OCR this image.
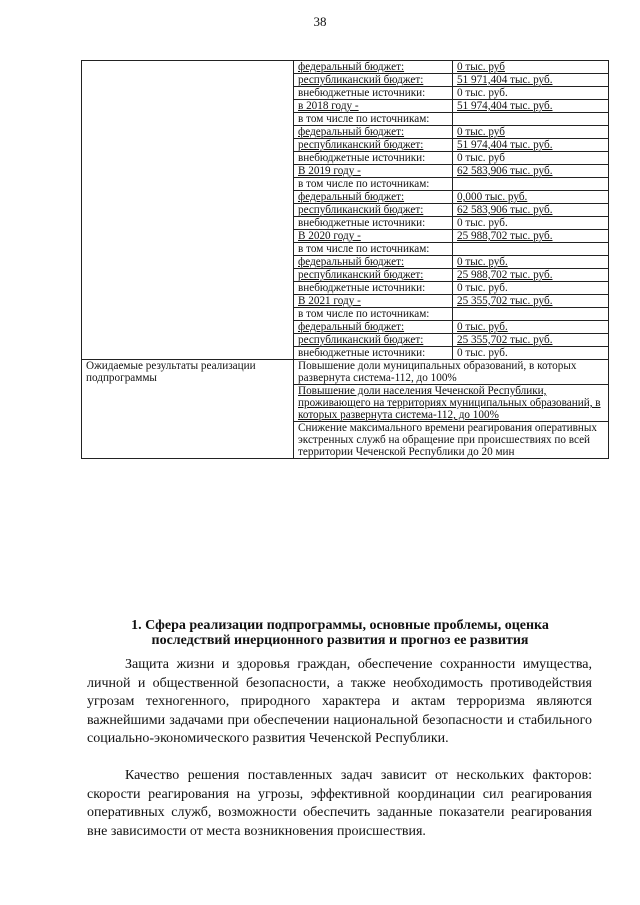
38
	федеральный бюджет:	0 тыс. руб
	республиканский бюджет:	51 971,404 тыс. руб.
	внебюджетные источники:	0 тыс. руб.
	в 2018 году -	51 974,404 тыс. руб.
	в том числе по источникам:	
	федеральный бюджет:	0 тыс. руб
	республиканский бюджет:	51 974,404 тыс. руб.
	внебюджетные источники:	0 тыс. руб
	В 2019 году -	62 583,906 тыс. руб.
	в том числе по источникам:	
	федеральный бюджет:	0,000 тыс. руб.
	республиканский бюджет:	62 583,906 тыс. руб.
	внебюджетные источники:	0 тыс. руб.
	В 2020 году -	25 988,702 тыс. руб.
	в том числе по источникам:	
	федеральный бюджет:	0 тыс. руб.
	республиканский бюджет:	25 988,702 тыс. руб.
	внебюджетные источники:	0 тыс. руб.
	В 2021 году -	25 355,702 тыс. руб.
	в том числе по источникам:	
	федеральный бюджет:	0 тыс. руб.
	республиканский бюджет:	25 355,702 тыс. руб.
	внебюджетные источники:	0 тыс. руб.
Ожидаемые результаты реализации подпрограммы	Повышение доли муниципальных образований, в которых развернута система-112, до 100%	
	Повышение доли населения Чеченской Республики, проживающего на территориях муниципальных образований, в которых развернута система-112, до 100%	
	Снижение максимального времени реагирования оперативных экстренных служб на обращение при происшествиях по всей территории Чеченской Республики до 20 мин	
1. Сфера реализации подпрограммы, основные проблемы, оценка последствий инерционного развития и прогноз ее развития

Защита жизни и здоровья граждан, обеспечение сохранности имущества, личной и общественной безопасности, а также необходимость противодействия угрозам техногенного, природного характера и актам терроризма являются важнейшими задачами при обеспечении национальной безопасности и стабильного социально-экономического развития Чеченской Республики.

Качество решения поставленных задач зависит от нескольких факторов: скорости реагирования на угрозы, эффективной координации сил реагирования оперативных служб, возможности обеспечить заданные показатели реагирования вне зависимости от места возникновения происшествия.
